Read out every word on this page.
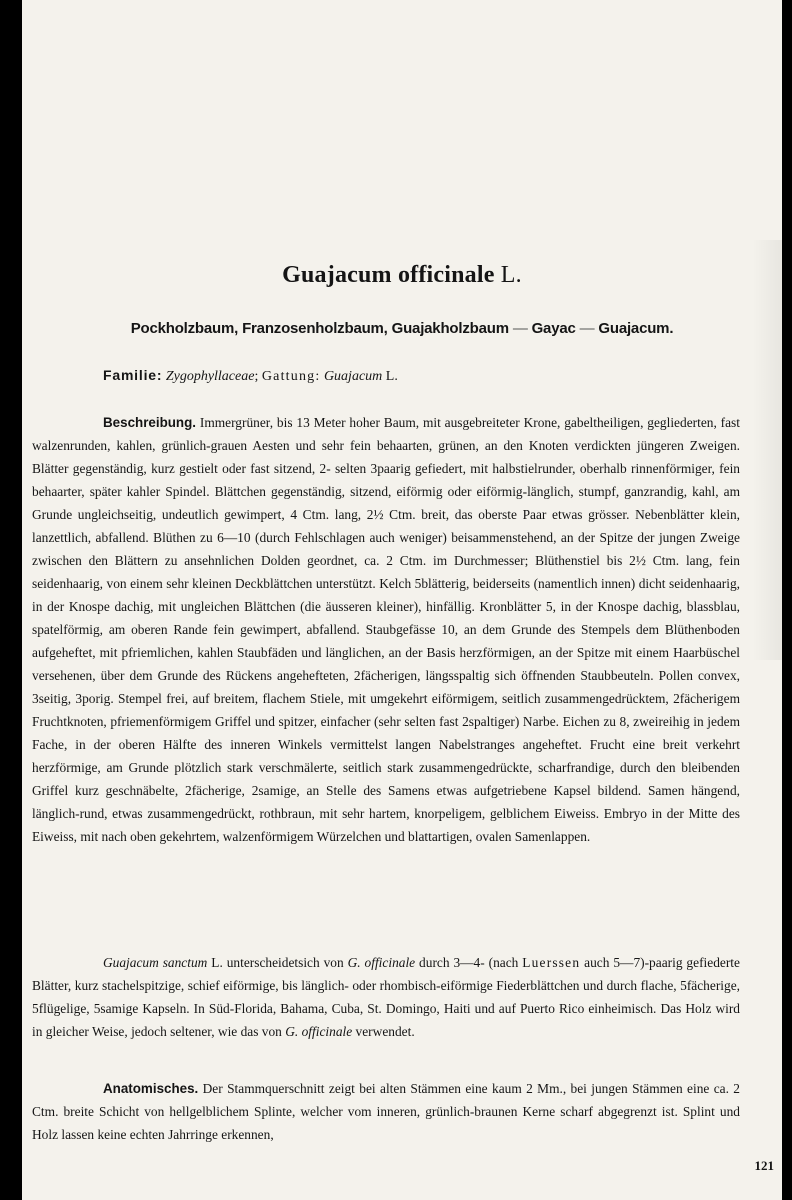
Guajacum officinale L.
Pockholzbaum, Franzosenholzbaum, Guajakholzbaum — Gayac — Guajacum.
Familie: Zygophyllaceae; Gattung: Guajacum L.

Beschreibung. Immergrüner, bis 13 Meter hoher Baum, mit ausgebreiteter Krone, gabeltheiligen, gegliederten, fast walzenrunden, kahlen, grünlich-grauen Aesten und sehr fein behaarten, grünen, an den Knoten verdickten jüngeren Zweigen. Blätter gegenständig, kurz gestielt oder fast sitzend, 2- selten 3paarig gefiedert, mit halbstielrunder, oberhalb rinnenförmiger, fein behaarter, später kahler Spindel. Blättchen gegenständig, sitzend, eiförmig oder eiförmig-länglich, stumpf, ganzrandig, kahl, am Grunde ungleichseitig, undeutlich gewimpert, 4 Ctm. lang, 2½ Ctm. breit, das oberste Paar etwas grösser. Nebenblätter klein, lanzettlich, abfallend. Blüthen zu 6—10 (durch Fehlschlagen auch weniger) beisammenstehend, an der Spitze der jungen Zweige zwischen den Blättern zu ansehnlichen Dolden geordnet, ca. 2 Ctm. im Durchmesser; Blüthenstiel bis 2½ Ctm. lang, fein seidenhaarig, von einem sehr kleinen Deckblättchen unterstützt. Kelch 5blätterig, beiderseits (namentlich innen) dicht seidenhaarig, in der Knospe dachig, mit ungleichen Blättchen (die äusseren kleiner), hinfällig. Kronblätter 5, in der Knospe dachig, blassblau, spatelförmig, am oberen Rande fein gewimpert, abfallend. Staubgefässe 10, an dem Grunde des Stempels dem Blüthenboden aufgeheftet, mit pfriemlichen, kahlen Staubfäden und länglichen, an der Basis herzförmigen, an der Spitze mit einem Haarbüschel versehenen, über dem Grunde des Rückens angehefteten, 2fächerigen, längsspaltig sich öffnenden Staubbeuteln. Pollen convex, 3seitig, 3porig. Stempel frei, auf breitem, flachem Stiele, mit umgekehrt eiförmigem, seitlich zusammengedrücktem, 2fächerigem Fruchtknoten, pfriemenförmigem Griffel und spitzer, einfacher (sehr selten fast 2spaltiger) Narbe. Eichen zu 8, zweireihig in jedem Fache, in der oberen Hälfte des inneren Winkels vermittelst langen Nabelstranges angeheftet. Frucht eine breit verkehrt herzförmige, am Grunde plötzlich stark verschmälerte, seitlich stark zusammengedrückte, scharfrandige, durch den bleibenden Griffel kurz geschnäbelte, 2fächerige, 2samige, an Stelle des Samens etwas aufgetriebene Kapsel bildend. Samen hängend, länglich-rund, etwas zusammengedrückt, rothbraun, mit sehr hartem, knorpeligem, gelblichem Eiweiss. Embryo in der Mitte des Eiweiss, mit nach oben gekehrtem, walzenförmigem Würzelchen und blattartigen, ovalen Samenlappen.

Guajacum sanctum L. unterscheidetsich von G. officinale durch 3—4- (nach Luerssen auch 5—7)-paarig gefiederte Blätter, kurz stachelspitzige, schief eiförmige, bis länglich- oder rhombisch-eiförmige Fiederblättchen und durch flache, 5fächerige, 5flügelige, 5samige Kapseln. In Süd-Florida, Bahama, Cuba, St. Domingo, Haiti und auf Puerto Rico einheimisch. Das Holz wird in gleicher Weise, jedoch seltener, wie das von G. officinale verwendet.

Anatomisches. Der Stammquerschnitt zeigt bei alten Stämmen eine kaum 2 Mm., bei jungen Stämmen eine ca. 2 Ctm. breite Schicht von hellgelblichem Splinte, welcher vom inneren, grünlich-braunen Kerne scharf abgegrenzt ist. Splint und Holz lassen keine echten Jahrringe erkennen,

121
